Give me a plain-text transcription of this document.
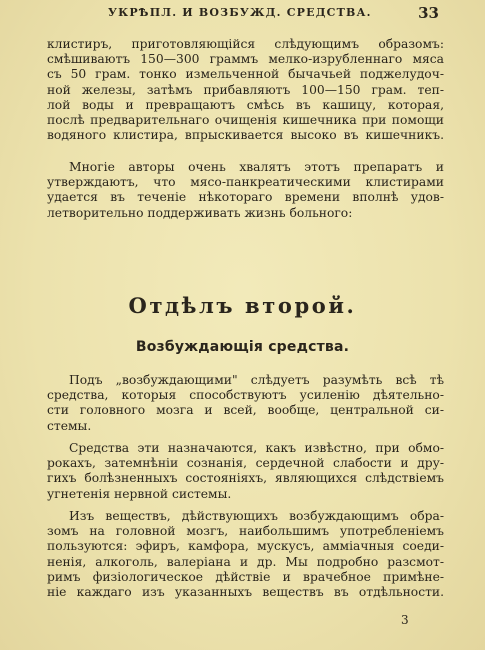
УКРѢПЛ. И ВОЗБУЖД. СРЕДСТВА.	33
клистиръ, приготовляющійся слѣдующимъ образомъ:
смѣшиваютъ 150—300 граммъ мелко-изрубленнаго мяса
съ 50 грам. тонко измельченной бычачьей поджелудоч-
ной железы, затѣмъ прибавляютъ 100—150 грам. теп-
лой воды и превращаютъ смѣсь въ кашицу, которая,
послѣ предварительнаго очищенія кишечника при помощи
водяного клистира, впрыскивается высоко въ кишечникъ.
Многіе авторы очень хвалятъ этотъ препаратъ и
утверждаютъ, что мясо-панкреатическими клистирами
удается въ теченіе нѣкотораго времени вполнѣ удов-
летворительно поддерживать жизнь больного:
Отдѣлъ второй.
Возбуждающія средства.
Подъ „возбуждающими" слѣдуетъ разумѣть всѣ тѣ
средства, которыя способствуютъ усиленію дѣятельно-
сти головного мозга и всей, вообще, центральной си-
стемы.
Средства эти назначаются, какъ извѣстно, при обмо-
рокахъ, затемнѣніи сознанія, сердечной слабости и дру-
гихъ болѣзненныхъ состояніяхъ, являющихся слѣдствіемъ
угнетенія нервной системы.
Изъ веществъ, дѣйствующихъ возбуждающимъ обра-
зомъ на головной мозгъ, наибольшимъ употребленіемъ
пользуются: эфиръ, камфора, мускусъ, аммiачныя соеди-
ненія, алкоголь, валеріана и др. Мы подробно разсмот-
римъ физіологическое дѣйствіе и врачебное примѣне-
ніе каждаго изъ указанныхъ веществъ въ отдѣльности.
3
